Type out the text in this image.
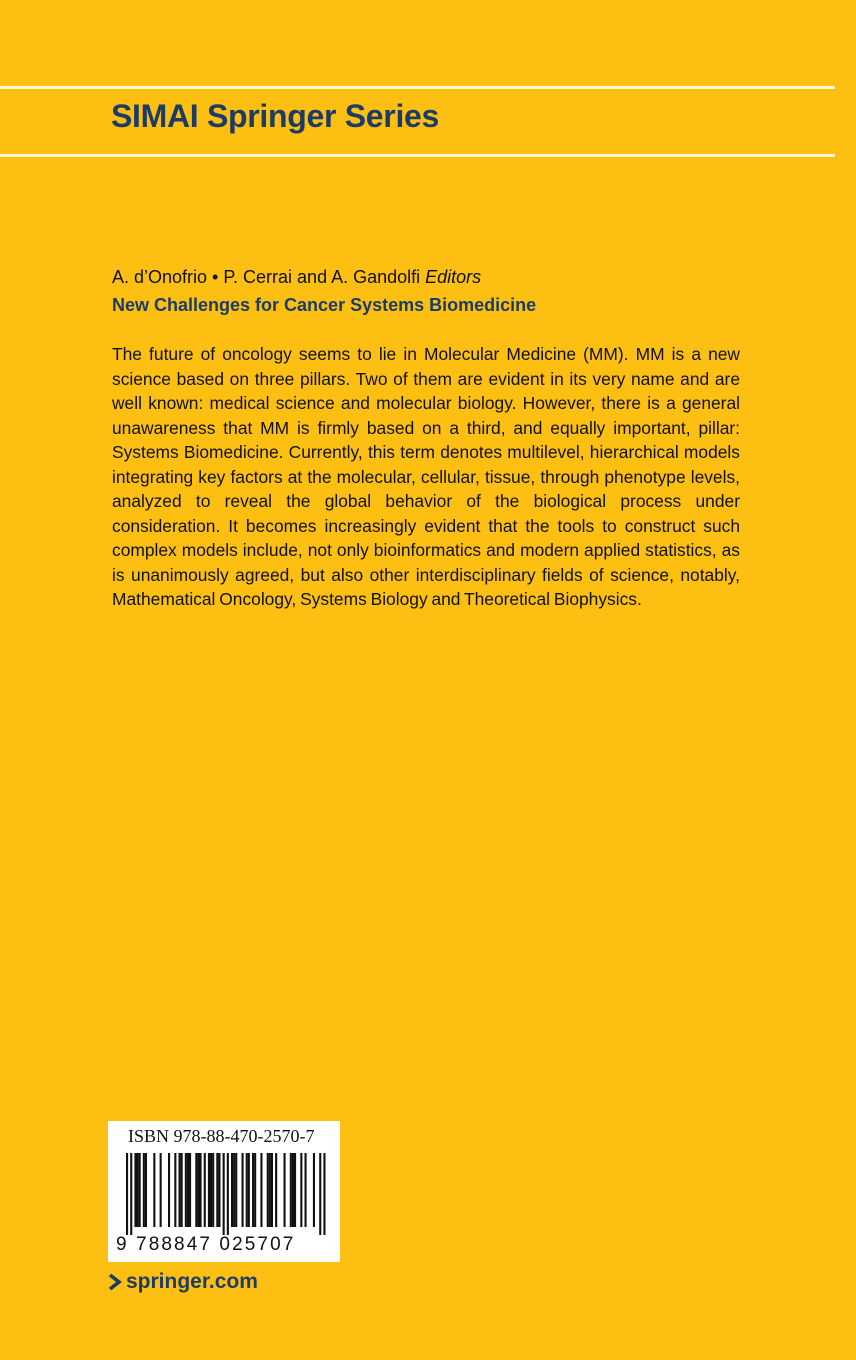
SIMAI Springer Series
A. d’Onofrio • P. Cerrai and A. Gandolfi Editors
New Challenges for Cancer Systems Biomedicine

The future of oncology seems to lie in Molecular Medicine (MM). MM is a new science based on three pillars. Two of them are evident in its very name and are well known: medical science and molecular biology. However, there is a general unawareness that MM is firmly based on a third, and equally important, pillar: Systems Biomedicine. Currently, this term denotes multilevel, hierarchical models integrating key factors at the molecular, cellular, tissue, through phenotype levels, analyzed to reveal the global behavior of the biological process under consideration. It becomes increasingly evident that the tools to construct such complex models include, not only bioinformatics and modern applied statistics, as is unanimously agreed, but also other interdisciplinary fields of science, notably, Mathematical Oncology, Systems Biology and Theoretical Biophysics.

ISBN 978-88-470-2570-7
9 788847 025707
springer.com
